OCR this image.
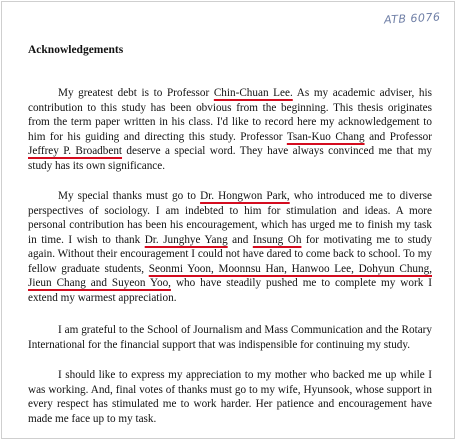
ATB 6076
Acknowledgements

My greatest debt is to Professor Chin-Chuan Lee. As my academic adviser, his contribution to this study has been obvious from the beginning. This thesis originates from the term paper written in his class. I'd like to record here my acknowledgement to him for his guiding and directing this study. Professor Tsan-Kuo Chang and Professor Jeffrey P. Broadbent deserve a special word. They have always convinced me that my study has its own significance.

My special thanks must go to Dr. Hongwon Park, who introduced me to diverse perspectives of sociology. I am indebted to him for stimulation and ideas. A more personal contribution has been his encouragement, which has urged me to finish my task in time. I wish to thank Dr. Junghye Yang and Insung Oh for motivating me to study again. Without their encouragement I could not have dared to come back to school. To my fellow graduate students, Seonmi Yoon, Moonnsu Han, Hanwoo Lee, Dohyun Chung, Jieun Chang and Suyeon Yoo, who have steadily pushed me to complete my work I extend my warmest appreciation.

I am grateful to the School of Journalism and Mass Communication and the Rotary International for the financial support that was indispensible for continuing my study.

I should like to express my appreciation to my mother who backed me up while I was working. And, final votes of thanks must go to my wife, Hyunsook, whose support in every respect has stimulated me to work harder. Her patience and encouragement have made me face up to my task.
